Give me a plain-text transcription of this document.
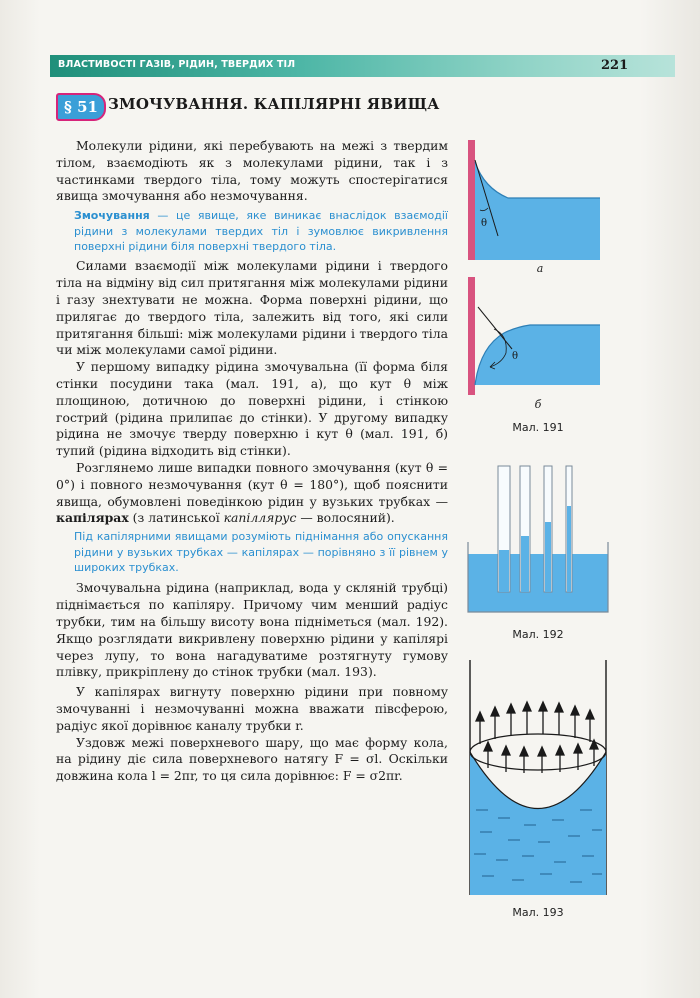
ВЛАСТИВОСТІ ГАЗІВ, РІДИН, ТВЕРДИХ ТІЛ	221
§ 51 ЗМОЧУВАННЯ. КАПІЛЯРНІ ЯВИЩА

Молекули рідини, які перебувають на межі з твердим тілом, взаємодіють як з молекулами рідини, так і з частинками твердого тіла, тому можуть спостерігатися явища змочування або незмочування.

Змочування — це явище, яке виникає внаслідок взаємодії рідини з молекулами твердих тіл і зумовлює викривлення поверхні рідини біля поверхні твердого тіла.

Силами взаємодії між молекулами рідини і твердого тіла на відміну від сил притягання між молекулами рідини і газу знехтувати не можна. Форма поверхні рідини, що прилягає до твердого тіла, залежить від того, які сили притягання більші: між молекулами рідини і твердого тіла чи між молекулами самої рідини.

У першому випадку рідина змочувальна (її форма біля стінки посудини така (мал. 191, а), що кут θ між площиною, дотичною до поверхні рідини, і стінкою гострий (рідина прилипає до стінки). У другому випадку рідина не змочує тверду поверхню і кут θ (мал. 191, б) тупий (рідина відходить від стінки).

Розглянемо лише випадки повного змочування (кут θ = 0°) і повного незмочування (кут θ = 180°), щоб пояснити явища, обумовлені поведінкою рідин у вузьких трубках — капілярах (з латинської капіллярус — волосяний).

Під капілярними явищами розуміють піднімання або опускання рідини у вузьких трубках — капілярах — порівняно з її рівнем у широких трубках.

Змочувальна рідина (наприклад, вода у скляній трубці) піднімається по капіляру. Причому чим менший радіус трубки, тим на більшу висоту вона підніметься (мал. 192). Якщо розглядати викривлену поверхню рідини у капілярі через лупу, то вона нагадуватиме розтягнуту гумову плівку, прикріплену до стінок трубки (мал. 193).

У капілярах вигнуту поверхню рідини при повному змочуванні і незмочуванні можна вважати півсферою, радіус якої дорівнює каналу трубки r.

Уздовж межі поверхневого шару, що має форму кола, на рідину діє сила поверхневого натягу F = σl. Оскільки довжина кола l = 2πr, то ця сила дорівнює: F = σ2πr.

θ
а
θ
б
Мал. 191
Мал. 192
Мал. 193
